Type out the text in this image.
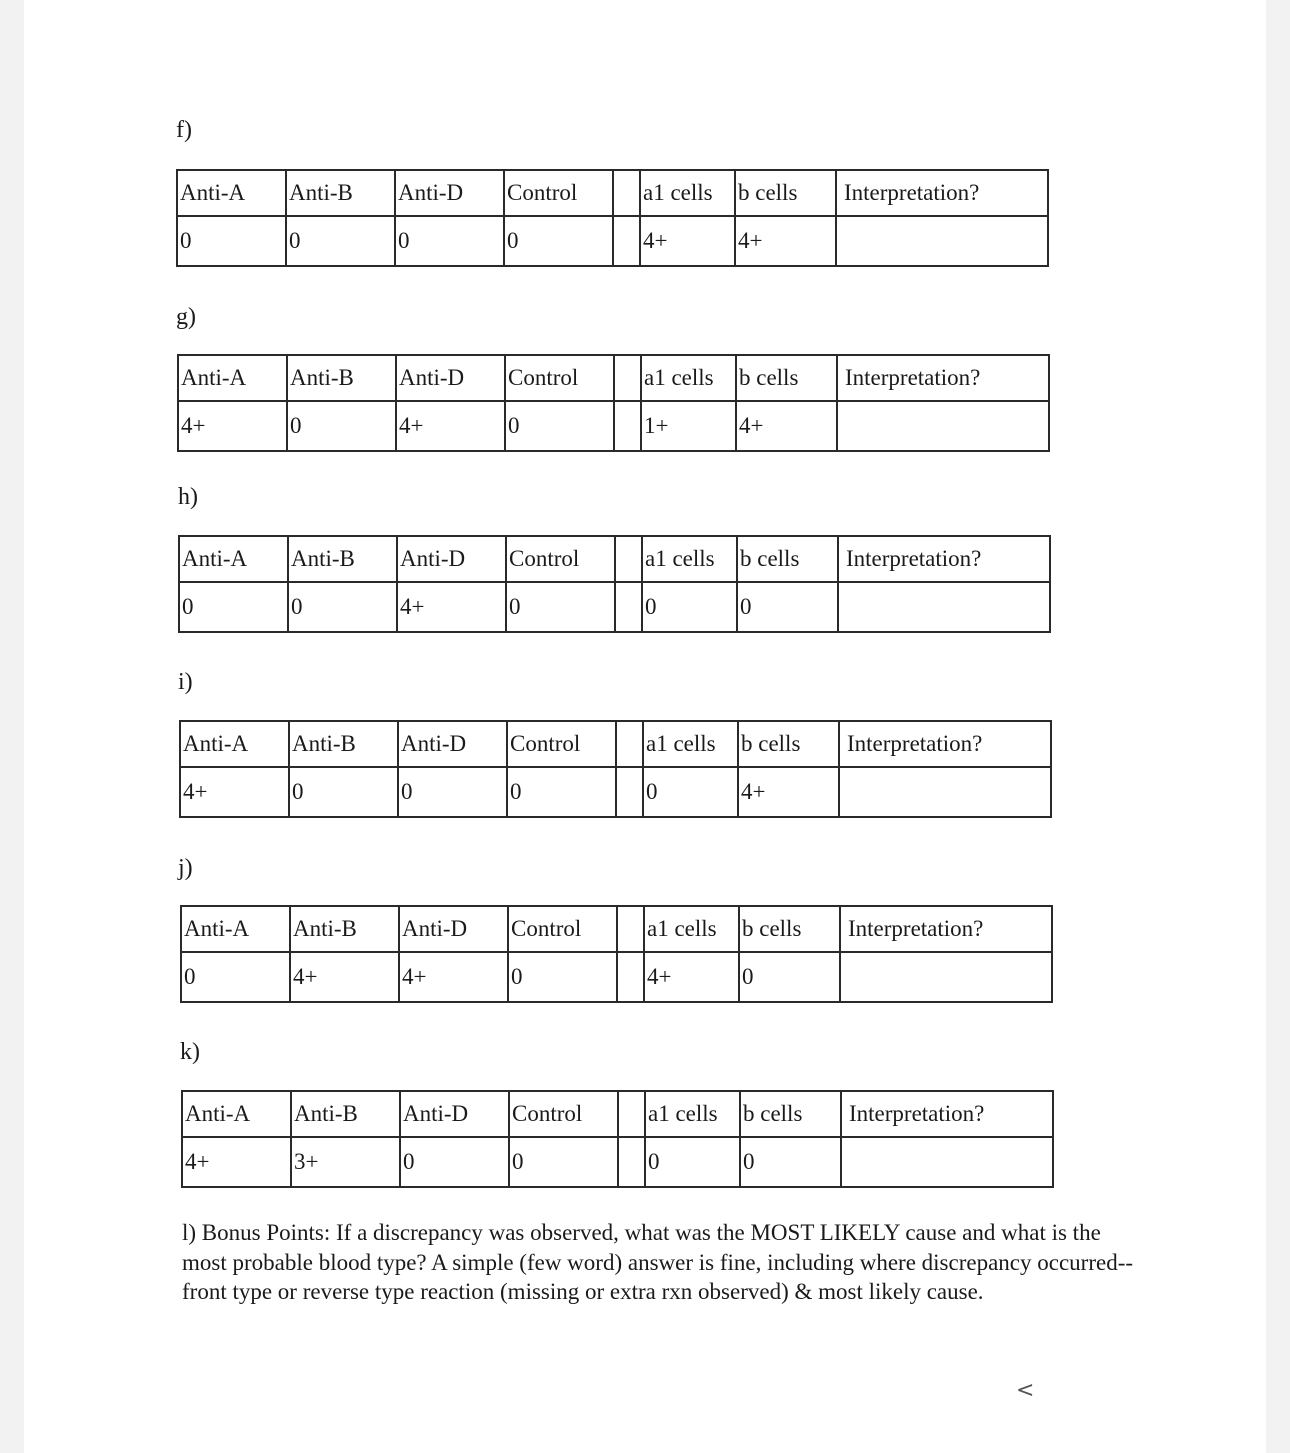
f)
Anti-A	Anti-B	Anti-D	Control		a1 cells	b cells	Interpretation?
0	0	0	0		4+	4+	
g)
Anti-A	Anti-B	Anti-D	Control		a1 cells	b cells	Interpretation?
4+	0	4+	0		1+	4+	
h)
Anti-A	Anti-B	Anti-D	Control		a1 cells	b cells	Interpretation?
0	0	4+	0		0	0	
i)
Anti-A	Anti-B	Anti-D	Control		a1 cells	b cells	Interpretation?
4+	0	0	0		0	4+	
j)
Anti-A	Anti-B	Anti-D	Control		a1 cells	b cells	Interpretation?
0	4+	4+	0		4+	0	
k)
Anti-A	Anti-B	Anti-D	Control		a1 cells	b cells	Interpretation?
4+	3+	0	0		0	0	
l) Bonus Points: If a discrepancy was observed, what was the MOST LIKELY cause and what is the most probable blood type? A simple (few word) answer is fine, including where discrepancy occurred-- front type or reverse type reaction (missing or extra rxn observed) & most likely cause.
<
